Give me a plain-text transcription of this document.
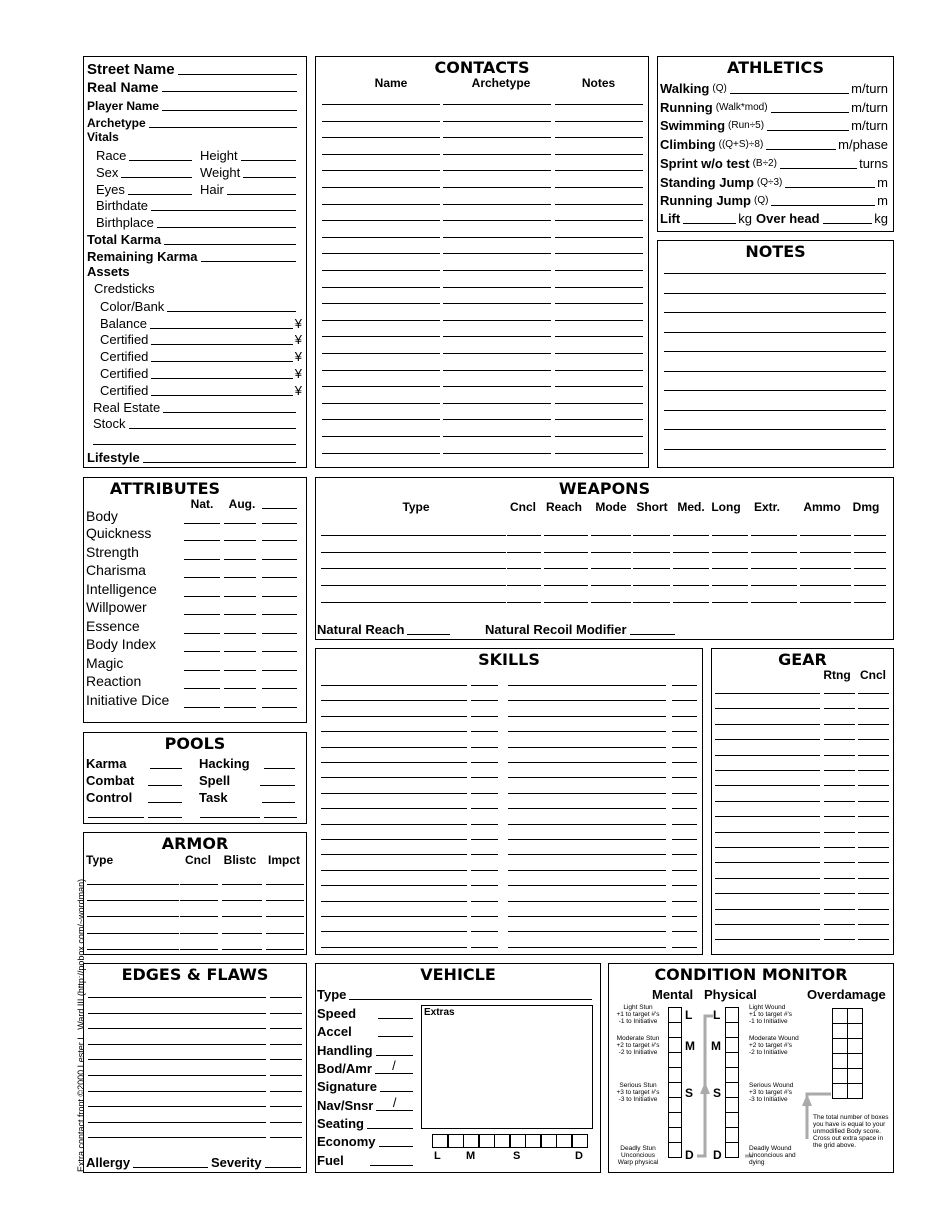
Street Name
Real Name
Player Name
Archetype
Vitals
Race	Height
Sex	Weight
Eyes	Hair
Birthdate
Birthplace
Total Karma
Remaining Karma
Assets
Credsticks
Color/Bank
Balance	¥
Certified	¥
Certified	¥
Certified	¥
Certified	¥
Real Estate
Stock
Lifestyle
CONTACTS
Name	Archetype	Notes
ATHLETICS
Walking (Q)	m/turn
Running (Walk*mod)	m/turn
Swimming (Run÷5)	m/turn
Climbing ((Q+S)÷8)	m/phase
Sprint w/o test (B÷2)	turns
Standing Jump (Q÷3)	m
Running Jump (Q)	m
Lift	kg Over head	kg
NOTES
ATTRIBUTES
Nat.	Aug.
Body
Quickness
Strength
Charisma
Intelligence
Willpower
Essence
Body Index
Magic
Reaction
Initiative Dice
WEAPONS
Type	Cncl Reach	Mode Short Med. Long	Extr.	Ammo Dmg
Natural Reach	Natural Recoil Modifier
SKILLS	GEAR
Rtng Cncl
POOLS
Karma	Hacking
Combat	Spell
Control	Task
ARMOR
Type	Cncl	Blistc Impct
EDGES & FLAWS
Allergy	Severity
VEHICLE
Type
Speed
Accel
Handling
Bod/Amr	/
Signature
Nav/Snsr	/
Seating
Economy
Fuel
Extras
L M	S	D
CONDITION MONITOR
Mental Physical	Overdamage
Light Stun
+1 to target #'s
-1 to Initiative
Moderate Stun
+2 to target #'s
-2 to Initiative
Serious Stun
+3 to target #'s
-3 to Initiative
Deadly Stun
Unconcious
Warp physical
L
M
S
D
L
M
S
D
Light Wound
+1 to target #'s
-1 to Initiative
Moderate Wound
+2 to target #'s
-2 to Initiative
Serious Wound
+3 to target #'s
-3 to Initiative
Deadly Wound
Unconcious and
dying

The total number of boxes you have is equal to your unmodified Body score. Cross out extra space in the grid above.
Extra contact front ©2000 Lester L. Ward III (http://pobox.com/~wordman)
